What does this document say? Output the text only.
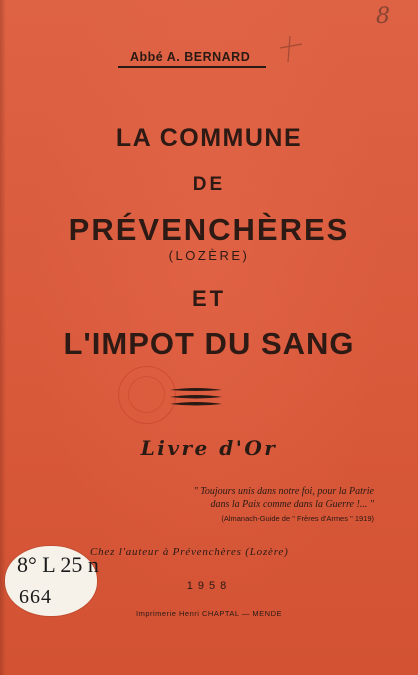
8
Abbé A. BERNARD
LA COMMUNE
DE
PRÉVENCHÈRES
(LOZÈRE)
ET
L'IMPOT DU SANG
Livre d'Or
" Toujours unis dans notre foi, pour la Patrie
dans la Paix comme dans la Guerre !... "
(Almanach-Guide de " Frères d'Armes " 1919)
Chez l'auteur à Prévenchères (Lozère)
1958
Imprimerie Henri CHAPTAL — MENDE
8° L 25 n
664
